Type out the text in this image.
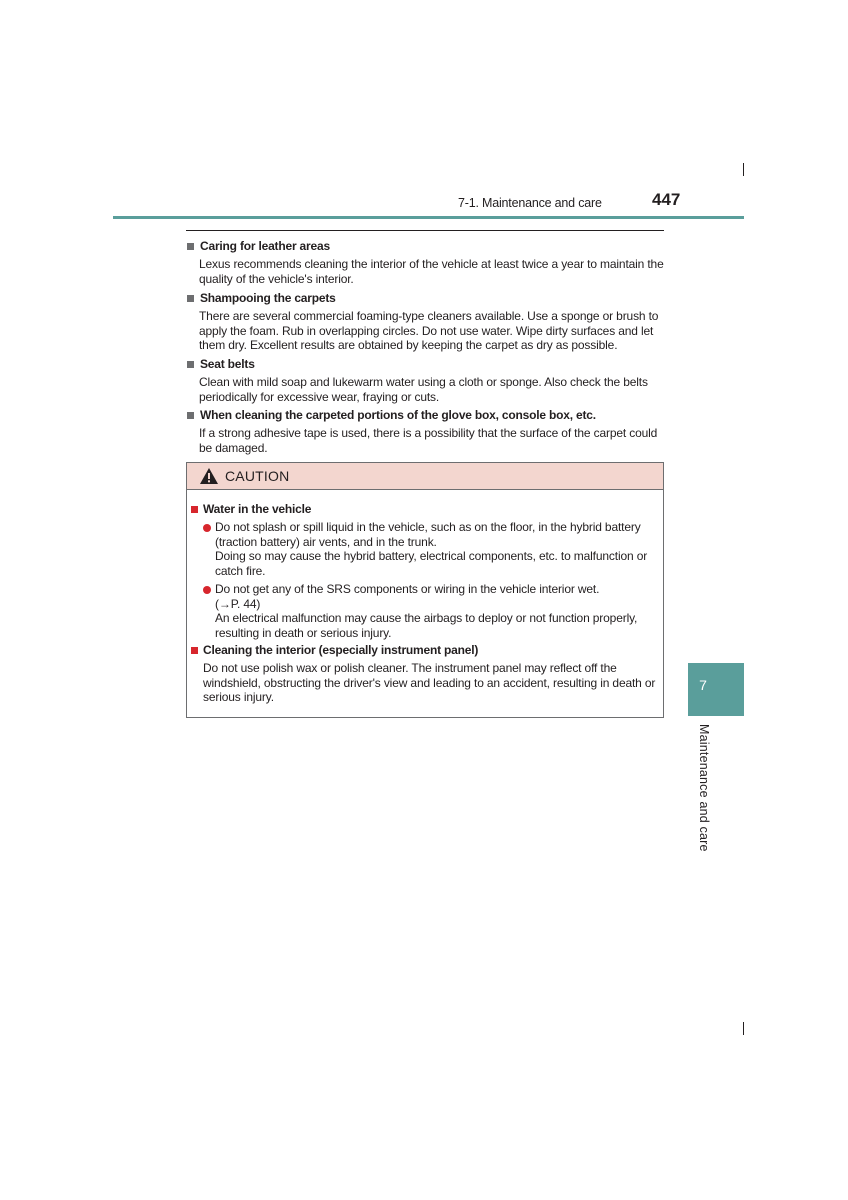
7-1. Maintenance and care	447
Caring for leather areas
Lexus recommends cleaning the interior of the vehicle at least twice a year to maintain the quality of the vehicle's interior.
Shampooing the carpets
There are several commercial foaming-type cleaners available. Use a sponge or brush to apply the foam. Rub in overlapping circles. Do not use water. Wipe dirty surfaces and let them dry. Excellent results are obtained by keeping the carpet as dry as possible.
Seat belts
Clean with mild soap and lukewarm water using a cloth or sponge. Also check the belts periodically for excessive wear, fraying or cuts.
When cleaning the carpeted portions of the glove box, console box, etc.
If a strong adhesive tape is used, there is a possibility that the surface of the carpet could be damaged.
CAUTION
Water in the vehicle
Do not splash or spill liquid in the vehicle, such as on the floor, in the hybrid battery (traction battery) air vents, and in the trunk.
Doing so may cause the hybrid battery, electrical components, etc. to malfunction or catch fire.
Do not get any of the SRS components or wiring in the vehicle interior wet.
(→P. 44)
An electrical malfunction may cause the airbags to deploy or not function properly, resulting in death or serious injury.
Cleaning the interior (especially instrument panel)
Do not use polish wax or polish cleaner. The instrument panel may reflect off the windshield, obstructing the driver's view and leading to an accident, resulting in death or serious injury.
7
Maintenance and care
